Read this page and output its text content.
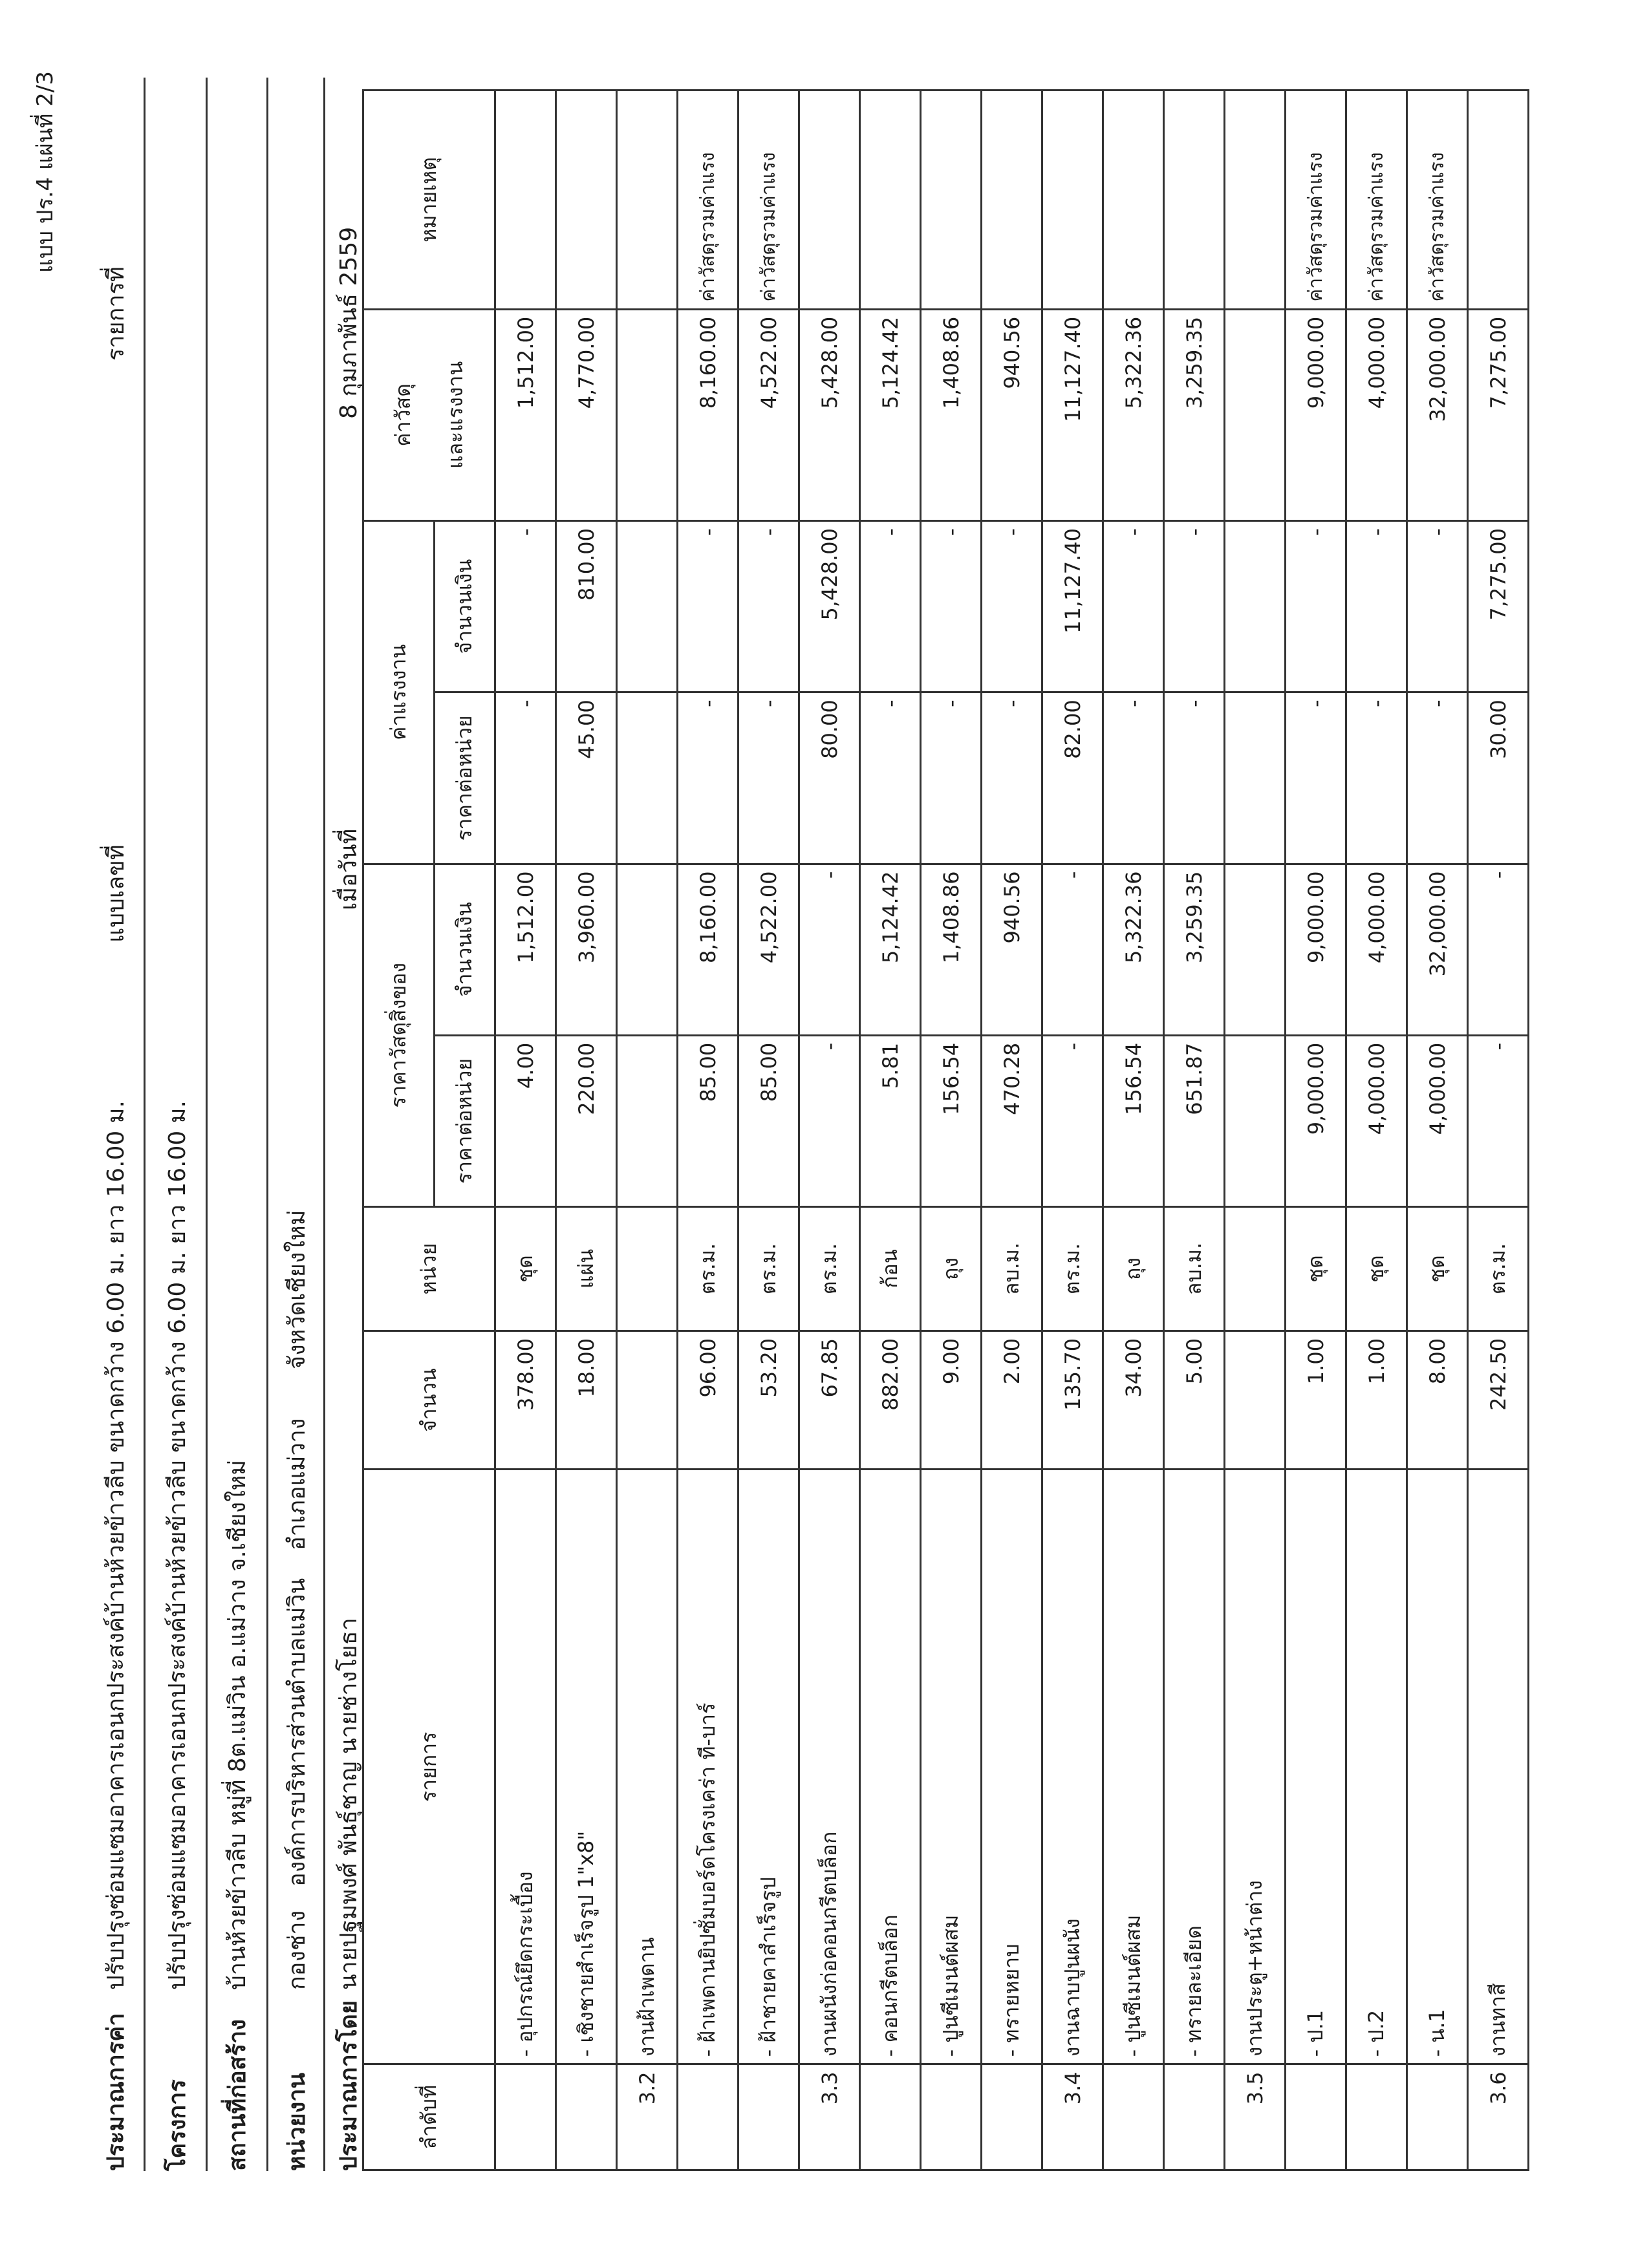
แบบ ปร.4 แผ่นที่ 2/3
ประมาณการค่า
ปรับปรุงซ่อมแซมอาคารเอนกประสงค์บ้านห้วยข้าวลีบ ขนาดกว้าง 6.00 ม. ยาว 16.00 ม.
แบบเลขที่
รายการที่
โครงการ
ปรับปรุงซ่อมแซมอาคารเอนกประสงค์บ้านห้วยข้าวลีบ ขนาดกว้าง 6.00 ม. ยาว 16.00 ม.
สถานที่ก่อสร้าง
บ้านห้วยข้าวลีบ หมู่ที่ 8ต.แม่วิน อ.แม่วาง จ.เชียงใหม่
หน่วยงาน
กองช่าง
องค์การบริหารส่วนตำบลแม่วิน
อำเภอแม่วาง
จังหวัดเชียงใหม่
ประมาณการโดย
นายปฐมพงศ์ พันธุ์ชาญ นายช่างโยธา
เมื่อวันที่
8 กุมภาพันธ์ 2559
ลำดับที่	รายการ	จำนวน	หน่วย	ราคาวัสดุสิ่งของ		ค่าแรงงาน		ค่าวัสดุ และแรงงาน	หมายเหตุ
				ราคาต่อหน่วย	จำนวนเงิน	ราคาต่อหน่วย	จำนวนเงิน		
	- อุปกรณ์ยึดกระเบื้อง	378.00	ชุด	4.00	1,512.00	-	-	1,512.00	
	- เชิงชายสำเร็จรูป 1"x8"	18.00	แผ่น	220.00	3,960.00	45.00	810.00	4,770.00	
3.2	งานฝ้าเพดาน								
	- ฝ้าเพดานยิปซั่มบอร์ดโครงเคร่า ที-บาร์	96.00	ตร.ม.	85.00	8,160.00	-	-	8,160.00	ค่าวัสดุรวมค่าแรง
	- ฝ้าชายคาสำเร็จรูป	53.20	ตร.ม.	85.00	4,522.00	-	-	4,522.00	ค่าวัสดุรวมค่าแรง
3.3	งานผนังก่อคอนกรีตบล็อก	67.85	ตร.ม.	-	-	80.00	5,428.00	5,428.00	
	- คอนกรีตบล็อก	882.00	ก้อน	5.81	5,124.42	-	-	5,124.42	
	- ปูนซีเมนต์ผสม	9.00	ถุง	156.54	1,408.86	-	-	1,408.86	
	- ทรายหยาบ	2.00	ลบ.ม.	470.28	940.56	-	-	940.56	
3.4	งานฉาบปูนผนัง	135.70	ตร.ม.	-	-	82.00	11,127.40	11,127.40	
	- ปูนซีเมนต์ผสม	34.00	ถุง	156.54	5,322.36	-	-	5,322.36	
	- ทรายละเอียด	5.00	ลบ.ม.	651.87	3,259.35	-	-	3,259.35	
3.5	งานประตู+หน้าต่าง								
	- ป.1	1.00	ชุด	9,000.00	9,000.00	-	-	9,000.00	ค่าวัสดุรวมค่าแรง
	- ป.2	1.00	ชุด	4,000.00	4,000.00	-	-	4,000.00	ค่าวัสดุรวมค่าแรง
	- น.1	8.00	ชุด	4,000.00	32,000.00	-	-	32,000.00	ค่าวัสดุรวมค่าแรง
3.6	งานทาสี	242.50	ตร.ม.	-	-	30.00	7,275.00	7,275.00	
